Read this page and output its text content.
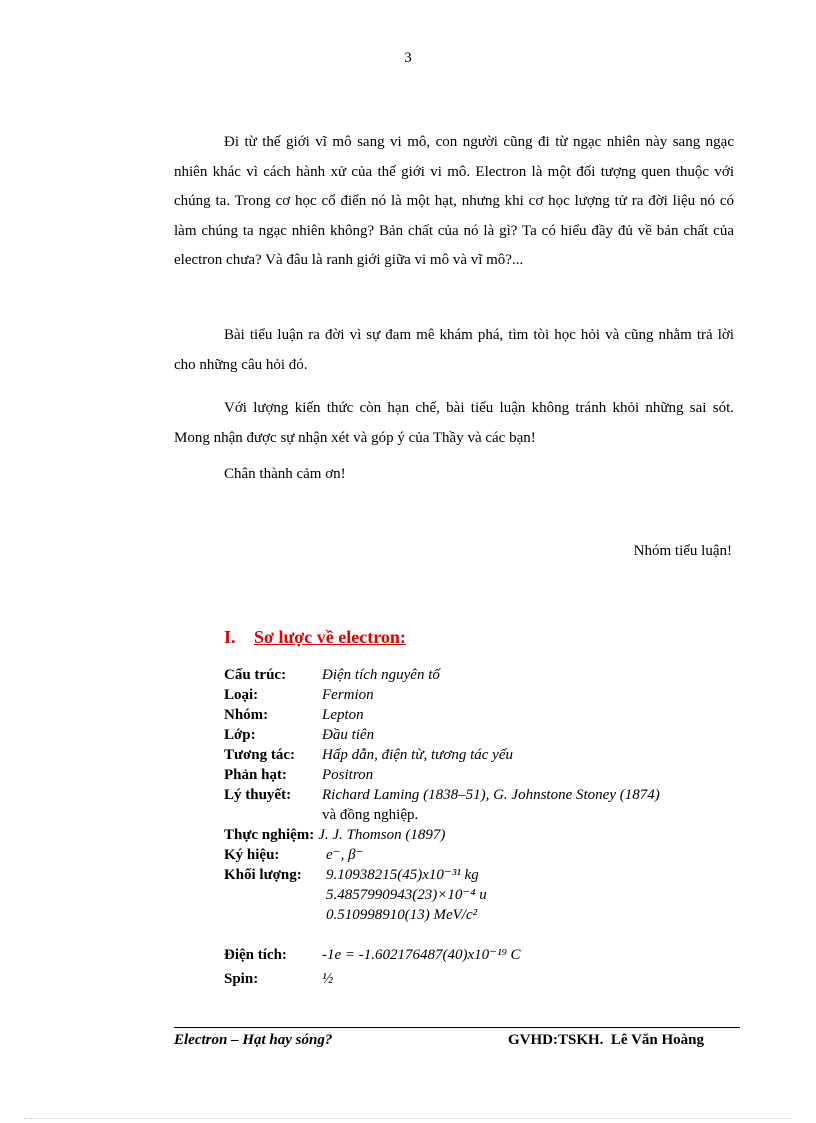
3

Đi từ thế giới vĩ mô sang vi mô, con người cũng đi từ ngạc nhiên này sang ngạc nhiên khác vì cách hành xử của thế giới vi mô. Electron là một đối tượng quen thuộc với chúng ta. Trong cơ học cổ điển nó là một hạt, nhưng khi cơ học lượng tử ra đời liệu nó có làm chúng ta ngạc nhiên không? Bản chất của nó là gì? Ta có hiểu đầy đủ về bản chất của electron chưa? Và đâu là ranh giới giữa vi mô và vĩ mô?...

Bài tiểu luận ra đời vì sự đam mê khám phá, tìm tòi học hỏi và cũng nhằm trả lời cho những câu hỏi đó.

Với lượng kiến thức còn hạn chế, bài tiểu luận không tránh khỏi những sai sót. Mong nhận được sự nhận xét và góp ý của Thầy và các bạn!

Chân thành cảm ơn!
Nhóm tiểu luận!
I. Sơ lược về electron:
Cấu trúc:	Điện tích nguyên tố
Loại:	Fermion
Nhóm:	Lepton
Lớp:	Đầu tiên
Tương tác:	Hấp dẫn, điện từ, tương tác yếu
Phản hạt:	Positron
Lý thuyết:	Richard Laming (1838–51), G. Johnstone Stoney (1874)
và đồng nghiệp.
Thực nghiệm: J. J. Thomson (1897)
Ký hiệu:	e⁻, β⁻
Khối lượng:	9.10938215(45)x10⁻³¹ kg
5.4857990943(23)×10⁻⁴ u
0.510998910(13) MeV/c²
Điện tích:	-1e = -1.602176487(40)x10⁻¹⁹ C
Spin:	½
Electron – Hạt hay sóng?	GVHD:TSKH.  Lê Văn Hoàng
